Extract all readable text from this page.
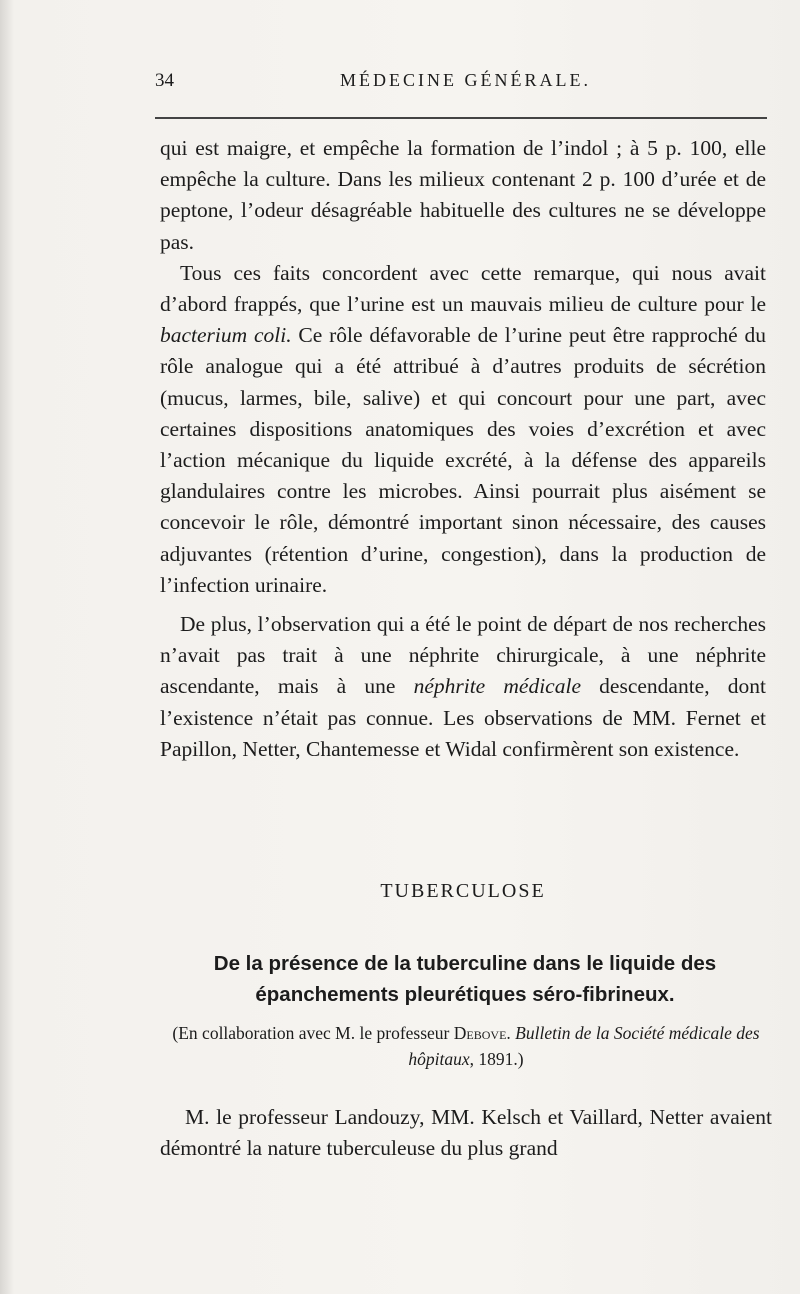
34	MÉDECINE GÉNÉRALE.

qui est maigre, et empêche la formation de l’indol ; à 5 p. 100, elle empêche la culture. Dans les milieux contenant 2 p. 100 d’urée et de peptone, l’odeur désagréable habituelle des cultures ne se développe pas.

Tous ces faits concordent avec cette remarque, qui nous avait d’abord frappés, que l’urine est un mauvais milieu de culture pour le bacterium coli. Ce rôle défavorable de l’urine peut être rapproché du rôle analogue qui a été attribué à d’autres produits de sécrétion (mucus, larmes, bile, salive) et qui concourt pour une part, avec certaines dispositions anatomiques des voies d’excrétion et avec l’action mécanique du liquide excrété, à la défense des appareils glandulaires contre les microbes. Ainsi pourrait plus aisément se concevoir le rôle, démontré important sinon nécessaire, des causes adjuvantes (rétention d’urine, congestion), dans la production de l’infection urinaire.

De plus, l’observation qui a été le point de départ de nos recherches n’avait pas trait à une néphrite chirurgicale, à une néphrite ascendante, mais à une néphrite médicale descendante, dont l’existence n’était pas connue. Les observations de MM. Fernet et Papillon, Netter, Chantemesse et Widal confirmèrent son existence.

TUBERCULOSE
De la présence de la tuberculine dans le liquide des épanchements pleurétiques séro-fibrineux.
(En collaboration avec M. le professeur Debove. Bulletin de la Société médicale des hôpitaux, 1891.)
M. le professeur Landouzy, MM. Kelsch et Vaillard, Netter avaient démontré la nature tuberculeuse du plus grand
